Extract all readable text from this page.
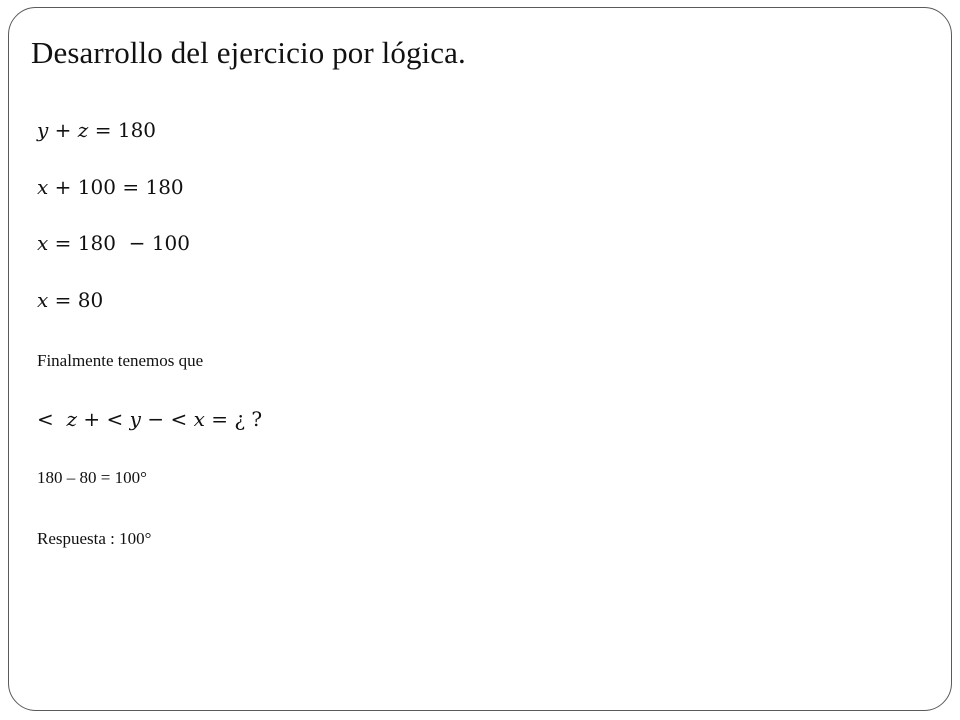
Desarrollo del ejercicio por lógica.

y + z = 180

x + 100 = 180

x = 180 − 100

x = 80

Finalmente tenemos que

< z + < y − < x = ¿ ?

180 – 80 = 100°

Respuesta : 100°
